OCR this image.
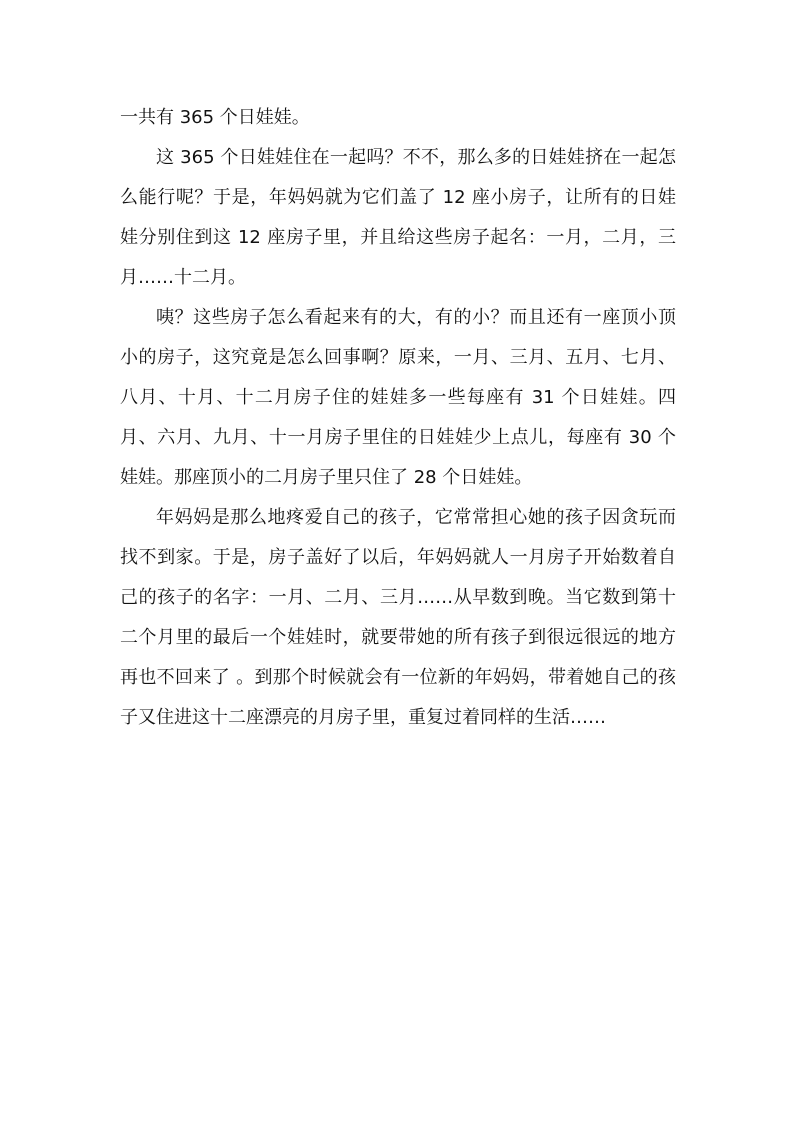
一共有 365 个日娃娃。

这 365 个日娃娃住在一起吗？不不，那么多的日娃娃挤在一起怎么能行呢？于是，年妈妈就为它们盖了 12 座小房子，让所有的日娃娃分别住到这 12 座房子里，并且给这些房子起名：一月，二月，三月……十二月。

咦？这些房子怎么看起来有的大，有的小？而且还有一座顶小顶小的房子，这究竟是怎么回事啊？原来，一月、三月、五月、七月、八月、十月、十二月房子住的娃娃多一些每座有 31 个日娃娃。四月、六月、九月、十一月房子里住的日娃娃少上点儿，每座有 30 个娃娃。那座顶小的二月房子里只住了 28 个日娃娃。

年妈妈是那么地疼爱自己的孩子，它常常担心她的孩子因贪玩而找不到家。于是，房子盖好了以后，年妈妈就人一月房子开始数着自己的孩子的名字：一月、二月、三月……从早数到晚。当它数到第十二个月里的最后一个娃娃时，就要带她的所有孩子到很远很远的地方再也不回来了 。到那个时候就会有一位新的年妈妈，带着她自己的孩子又住进这十二座漂亮的月房子里，重复过着同样的生活……
